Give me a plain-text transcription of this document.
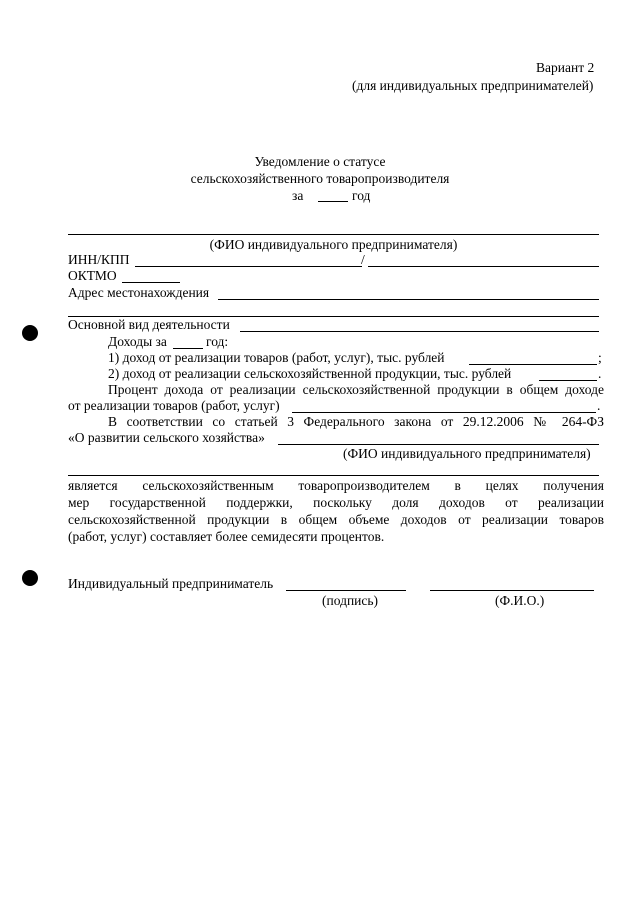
Вариант 2
(для индивидуальных предпринимателей)
Уведомление о статусе
сельскохозяйственного товаропроизводителя
за	год
(ФИО индивидуального предпринимателя)
ИНН/КПП	/
ОКТМО
Адрес местонахождения
Основной вид деятельности
Доходы за	год:
1) доход от реализации товаров (работ, услуг), тыс. рублей	;
2) доход от реализации сельскохозяйственной продукции, тыс. рублей	.
Процент дохода от реализации сельскохозяйственной продукции в общем доходе
от реализации товаров (работ, услуг)	.
В соответствии со статьей 3 Федерального закона от 29.12.2006 № 264-ФЗ
«О развитии сельского хозяйства»
(ФИО индивидуального предпринимателя)
является сельскохозяйственным товаропроизводителем в целях получения
мер государственной поддержки, поскольку доля доходов от реализации
сельскохозяйственной продукции в общем объеме доходов от реализации товаров
(работ, услуг) составляет более семидесяти процентов.
Индивидуальный предприниматель
(подпись)	(Ф.И.О.)
